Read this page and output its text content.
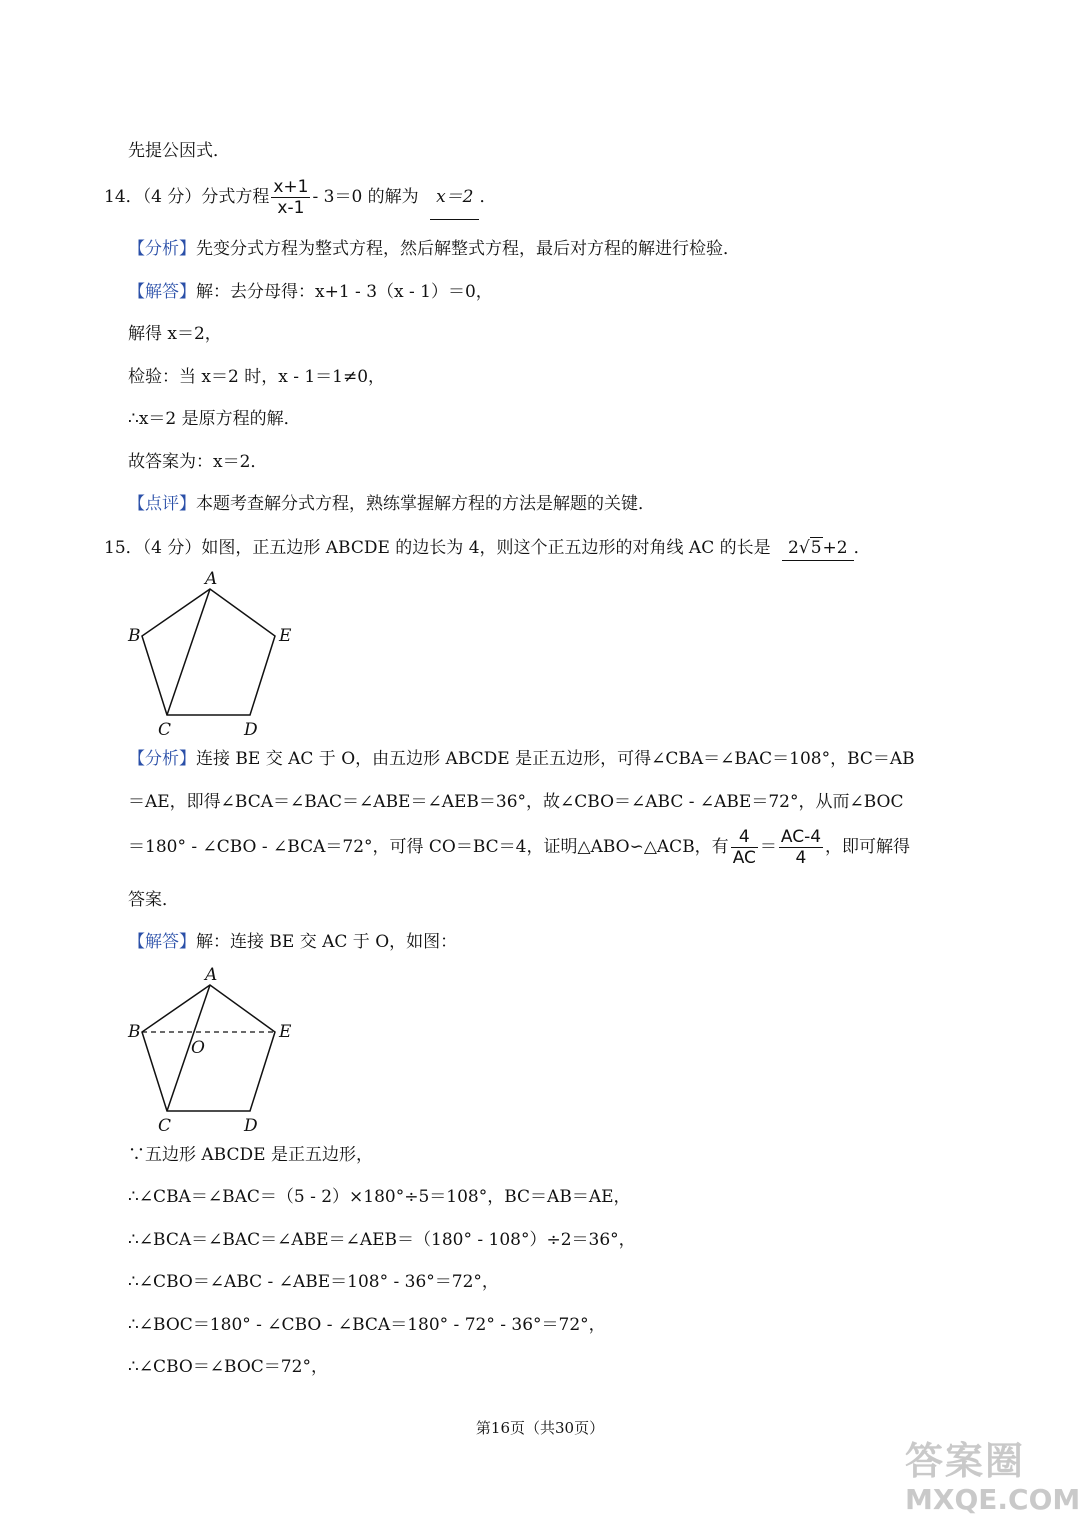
先提公因式．
14．（4 分）分式方程 $\frac{x+1}{x-1} - 3=0$ 的解为 x＝2 ．
【分析】先变分式方程为整式方程，然后解整式方程，最后对方程的解进行检验．
【解答】解：去分母得：x+1 - 3（x - 1）＝0，
解得 x＝2，
检验：当 x＝2 时，x - 1＝1≠0，
∴x＝2 是原方程的解．
故答案为：x＝2．
【点评】本题考查解分式方程，熟练掌握解方程的方法是解题的关键．
15．（4 分）如图，正五边形 ABCDE 的边长为 4，则这个正五边形的对角线 AC 的长是 2√5+2 ．
A
B
C	D
E
【分析】连接 BE 交 AC 于 O，由五边形 ABCDE 是正五边形，可得∠CBA＝∠BAC＝108°，BC＝AB
＝AE，即得∠BCA＝∠BAC＝∠ABE＝∠AEB＝36°，故∠CBO＝∠ABC - ∠ABE＝72°，从而∠BOC
＝180° - ∠CBO - ∠BCA＝72°，可得 CO＝BC＝4，证明△ABO∽△ACB，有 $\frac{4}{AC} = \frac{AC-4}{4}$ ，即可解得
答案．
【解答】解：连接 BE 交 AC 于 O，如图：
A
B
C	D
E
O
∵五边形 ABCDE 是正五边形，
∴∠CBA＝∠BAC＝（5 - 2）×180°÷5＝108°，BC＝AB＝AE，
∴∠BCA＝∠BAC＝∠ABE＝∠AEB＝（180° - 108°）÷2＝36°，
∴∠CBO＝∠ABC - ∠ABE＝108° - 36°＝72°，
∴∠BOC＝180° - ∠CBO - ∠BCA＝180° - 72° - 36°＝72°，
∴∠CBO＝∠BOC＝72°，
第16页（共30页）
答案圈
MXQE.COM
